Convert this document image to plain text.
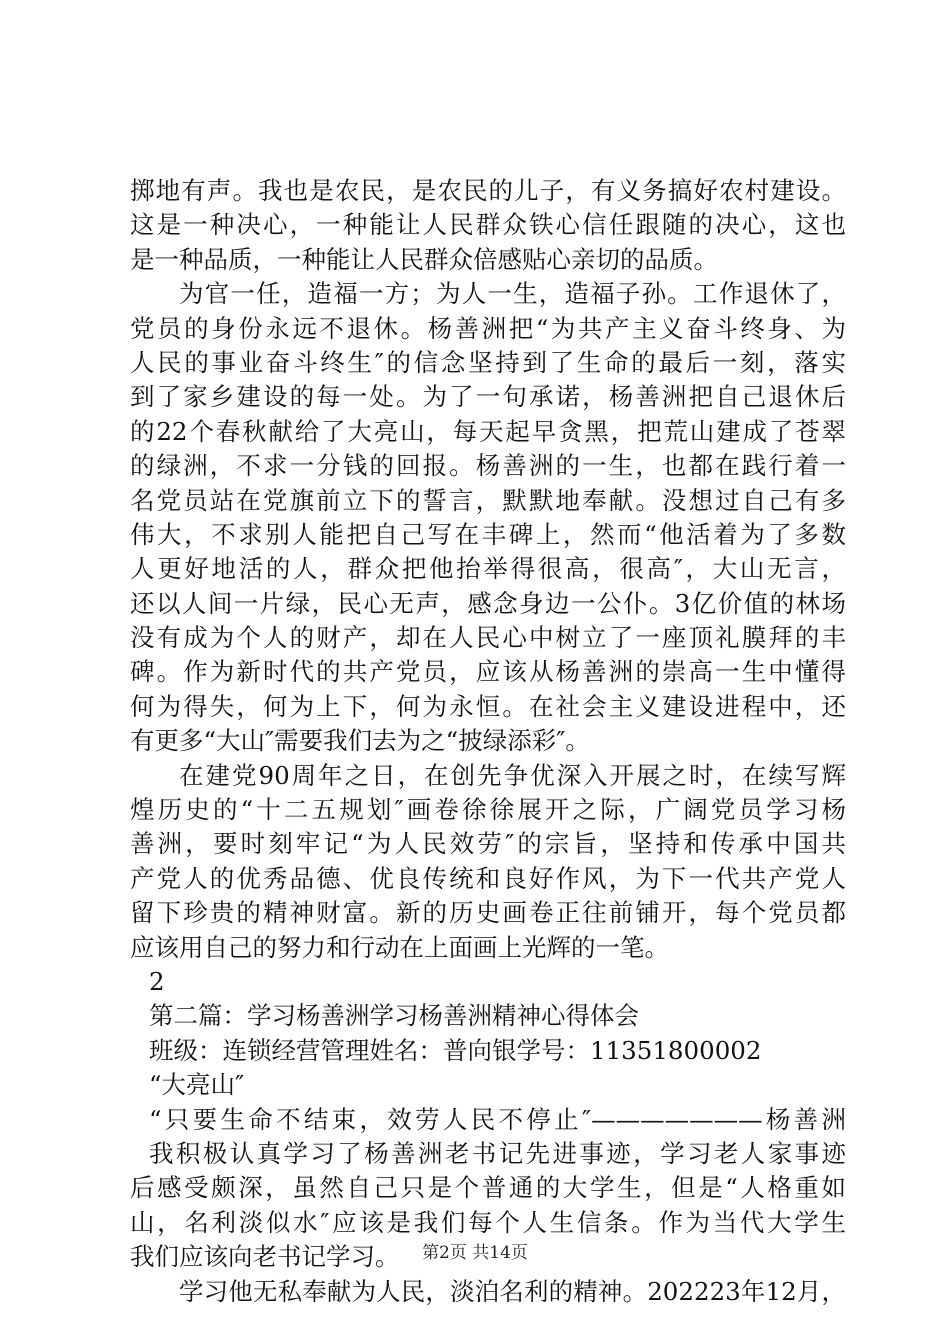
掷地有声。我也是农民，是农民的儿子，有义务搞好农村建设。
这是一种决心，一种能让人民群众铁心信任跟随的决心，这也
是一种品质，一种能让人民群众倍感贴心亲切的品质。
为官一任，造福一方；为人一生，造福子孙。工作退休了，
党员的身份永远不退休。杨善洲把“为共产主义奋斗终身、为
人民的事业奋斗终生″的信念坚持到了生命的最后一刻，落实
到了家乡建设的每一处。为了一句承诺，杨善洲把自己退休后
的22个春秋献给了大亮山，每天起早贪黑，把荒山建成了苍翠
的绿洲，不求一分钱的回报。杨善洲的一生，也都在践行着一
名党员站在党旗前立下的誓言，默默地奉献。没想过自己有多
伟大，不求别人能把自己写在丰碑上，然而“他活着为了多数
人更好地活的人，群众把他抬举得很高，很高″，大山无言，
还以人间一片绿，民心无声，感念身边一公仆。3亿价值的林场
没有成为个人的财产，却在人民心中树立了一座顶礼膜拜的丰
碑。作为新时代的共产党员，应该从杨善洲的崇高一生中懂得
何为得失，何为上下，何为永恒。在社会主义建设进程中，还
有更多“大山″需要我们去为之“披绿添彩″。
在建党90周年之日，在创先争优深入开展之时，在续写辉
煌历史的“十二五规划″画卷徐徐展开之际，广阔党员学习杨
善洲，要时刻牢记“为人民效劳″的宗旨，坚持和传承中国共
产党人的优秀品德、优良传统和良好作风，为下一代共产党人
留下珍贵的精神财富。新的历史画卷正往前铺开，每个党员都
应该用自己的努力和行动在上面画上光辉的一笔。
2
第二篇：学习杨善洲学习杨善洲精神心得体会
班级：连锁经营管理姓名：普向银学号：11351800002
“大亮山″
“只要生命不结束，效劳人民不停止″———————杨善洲
我积极认真学习了杨善洲老书记先进事迹，学习老人家事迹
后感受颇深，虽然自己只是个普通的大学生，但是“人格重如
山，名利淡似水″应该是我们每个人生信条。作为当代大学生
我们应该向老书记学习。
学习他无私奉献为人民，淡泊名利的精神。202223年12月，
第2页 共14页
